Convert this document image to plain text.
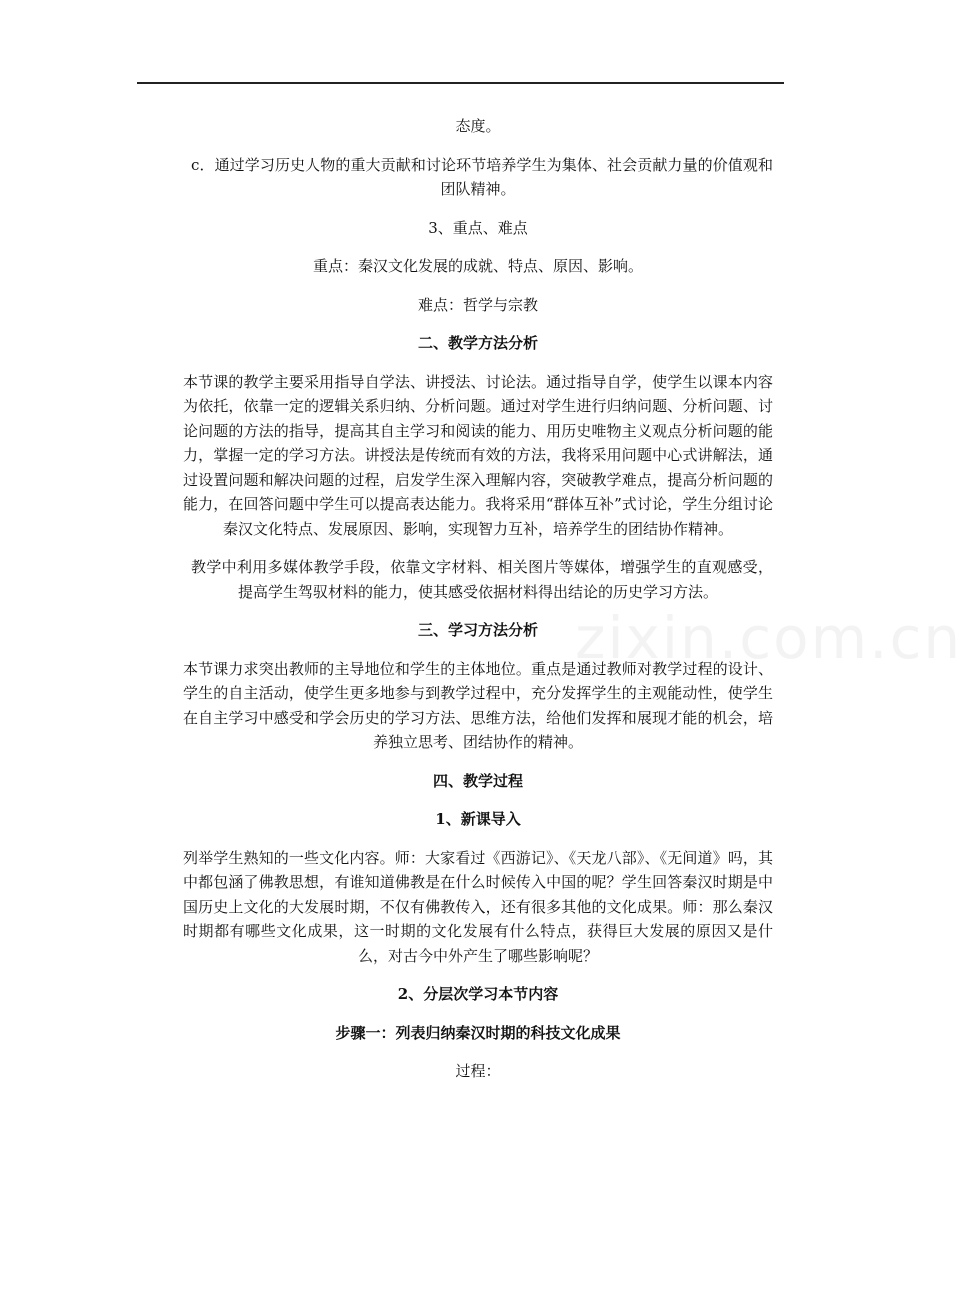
zixin.com.cn

态度。

c．通过学习历史人物的重大贡献和讨论环节培养学生为集体、社会贡献力量的价值观和团队精神。

3、重点、难点

重点：秦汉文化发展的成就、特点、原因、影响。

难点：哲学与宗教

二、教学方法分析

本节课的教学主要采用指导自学法、讲授法、讨论法。通过指导自学，使学生以课本内容为依托，依靠一定的逻辑关系归纳、分析问题。通过对学生进行归纳问题、分析问题、讨论问题的方法的指导，提高其自主学习和阅读的能力、用历史唯物主义观点分析问题的能力，掌握一定的学习方法。讲授法是传统而有效的方法，我将采用问题中心式讲解法，通过设置问题和解决问题的过程，启发学生深入理解内容，突破教学难点，提高分析问题的能力，在回答问题中学生可以提高表达能力。我将采用“群体互补”式讨论，学生分组讨论秦汉文化特点、发展原因、影响，实现智力互补，培养学生的团结协作精神。

教学中利用多媒体教学手段，依靠文字材料、相关图片等媒体，增强学生的直观感受，提高学生驾驭材料的能力，使其感受依据材料得出结论的历史学习方法。

三、学习方法分析

本节课力求突出教师的主导地位和学生的主体地位。重点是通过教师对教学过程的设计、学生的自主活动，使学生更多地参与到教学过程中，充分发挥学生的主观能动性，使学生在自主学习中感受和学会历史的学习方法、思维方法，给他们发挥和展现才能的机会，培养独立思考、团结协作的精神。

四、教学过程

1、新课导入

列举学生熟知的一些文化内容。师：大家看过《西游记》、《天龙八部》、《无间道》吗，其中都包涵了佛教思想，有谁知道佛教是在什么时候传入中国的呢？学生回答秦汉时期是中国历史上文化的大发展时期，不仅有佛教传入，还有很多其他的文化成果。师：那么秦汉时期都有哪些文化成果，这一时期的文化发展有什么特点，获得巨大发展的原因又是什么，对古今中外产生了哪些影响呢？

2、分层次学习本节内容

步骤一：列表归纳秦汉时期的科技文化成果

过程：
